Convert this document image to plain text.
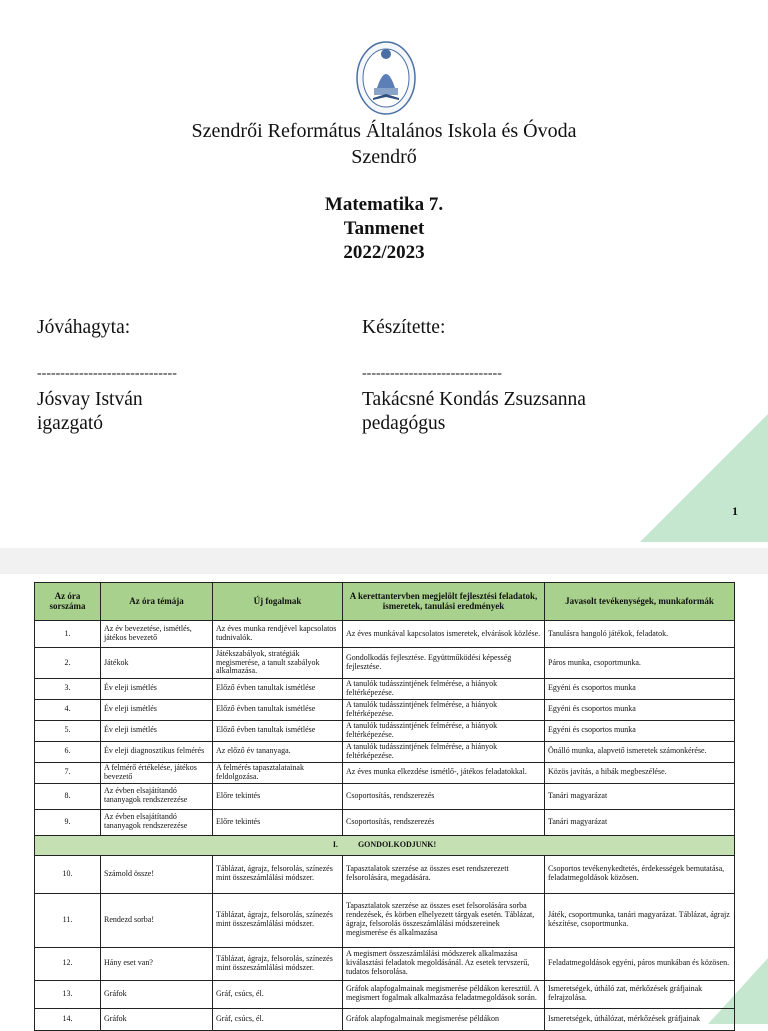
Szendrői Református Általános Iskola és Óvoda
Szendrő
Matematika 7.
Tanmenet
2022/2023
Jóváhagyta:	Készítette:
------------------------------	------------------------------
Jósvay István
igazgató
Takácsné Kondás Zsuzsanna
pedagógus
1
Az óra sorszáma	Az óra témája	Új fogalmak	A kerettantervben megjelölt fejlesztési feladatok, ismeretek, tanulási eredmények	Javasolt tevékenységek, munkaformák
1.	Az év bevezetése, ismétlés, játékos bevezető	Az éves munka rendjével kapcsolatos tudnivalók.	Az éves munkával kapcsolatos ismeretek, elvárások közlése.	Tanulásra hangoló játékok, feladatok.
2.	Játékok	Játékszabályok, stratégiák megismerése, a tanult szabályok alkalmazása.	Gondolkodás fejlesztése. Együttműködési képesség fejlesztése.	Páros munka, csoportmunka.
3.	Év eleji ismétlés	Előző évben tanultak ismétlése	A tanulók tudásszintjének felmérése, a hiányok feltérképezése.	Egyéni és csoportos munka
4.	Év eleji ismétlés	Előző évben tanultak ismétlése	A tanulók tudásszintjének felmérése, a hiányok feltérképezése.	Egyéni és csoportos munka
5.	Év eleji ismétlés	Előző évben tanultak ismétlése	A tanulók tudásszintjének felmérése, a hiányok feltérképezése.	Egyéni és csoportos munka
6.	Év eleji diagnosztikus felmérés	Az előző év tananyaga.	A tanulók tudásszintjének felmérése, a hiányok feltérképezése.	Önálló munka, alapvető ismeretek számonkérése.
7.	A felmérő értékelése, játékos bevezető	A felmérés tapasztalatainak feldolgozása.	Az éves munka elkezdése ismétlő-, játékos feladatokkal.	Közös javítás, a hibák megbeszélése.
8.	Az évben elsajátítandó tananyagok rendszerezése	Előre tekintés	Csoportosítás, rendszerezés	Tanári magyarázat
9.	Az évben elsajátítandó tananyagok rendszerezése	Előre tekintés	Csoportosítás, rendszerezés	Tanári magyarázat
I. GONDOLKODJUNK!				
10.	Számold össze!	Táblázat, ágrajz, felsorolás, színezés mint összeszámlálási módszer.	Tapasztalatok szerzése az összes eset rendszerezett felsorolására, megadására.	Csoportos tevékenykedtetés, érdekességek bemutatása, feladatmegoldások közösen.
11.	Rendezd sorba!	Táblázat, ágrajz, felsorolás, színezés mint összeszámlálási módszer.	Tapasztalatok szerzése az összes eset felsorolására sorba rendezések, és körben elhelyezett tárgyak esetén. Táblázat, ágrajz, felsorolás összeszámlálási módszereinek megismerése és alkalmazása	Játék, csoportmunka, tanári magyarázat. Táblázat, ágrajz készítése, csoportmunka.
12.	Hány eset van?	Táblázat, ágrajz, felsorolás, színezés mint összeszámlálási módszer.	A megismert összeszámlálási módszerek alkalmazása kiválasztási feladatok megoldásánál. Az esetek tervszerű, tudatos felsorolása.	Feladatmegoldások egyéni, páros munkában és közösen.
13.	Gráfok	Gráf, csúcs, él.	Gráfok alapfogalmainak megismerése példákon keresztül. A megismert fogalmak alkalmazása feladatmegoldások során.	Ismeretségek, útháló zat, mérkőzések gráfjainak felrajzolása.
14.	Gráfok	Gráf, csúcs, él.	Gráfok alapfogalmainak megismerése példákon	Ismeretségek, úthálózat, mérkőzések gráfjainak
